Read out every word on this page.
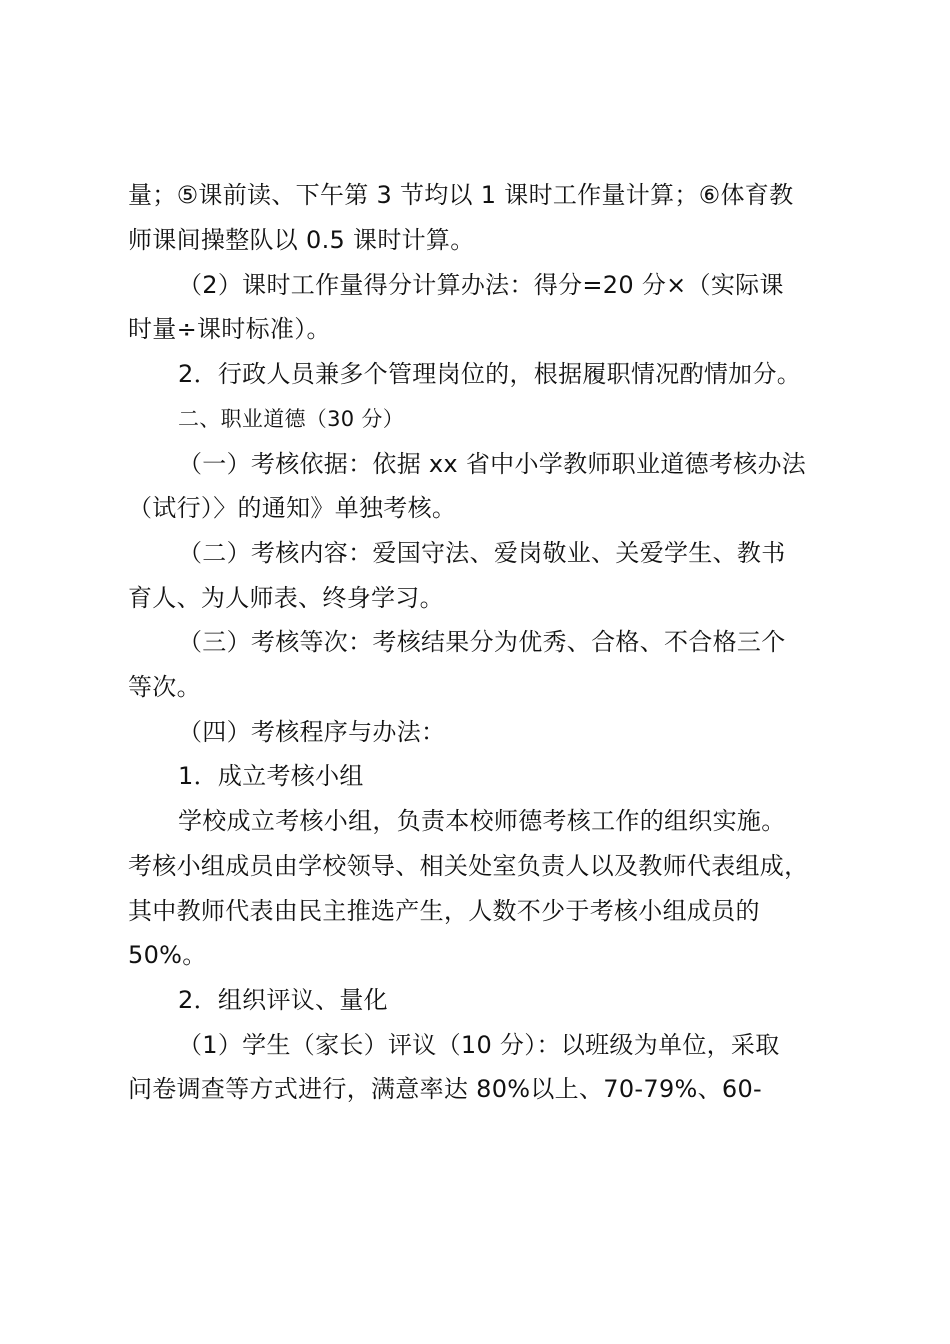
量；⑤课前读、下午第 3 节均以 1 课时工作量计算；⑥体育教
师课间操整队以 0.5 课时计算。
（2）课时工作量得分计算办法：得分=20 分×（实际课
时量÷课时标准）。
2．行政人员兼多个管理岗位的，根据履职情况酌情加分。
二、职业道德（30 分）
（一）考核依据：依据 xx 省中小学教师职业道德考核办法
（试行）〉的通知》单独考核。
（二）考核内容：爱国守法、爱岗敬业、关爱学生、教书
育人、为人师表、终身学习。
（三）考核等次：考核结果分为优秀、合格、不合格三个
等次。
（四）考核程序与办法：
1．成立考核小组
学校成立考核小组，负责本校师德考核工作的组织实施。
考核小组成员由学校领导、相关处室负责人以及教师代表组成，
其中教师代表由民主推选产生，人数不少于考核小组成员的
50%。
2．组织评议、量化
（1）学生（家长）评议（10 分）：以班级为单位，采取
问卷调查等方式进行，满意率达 80%以上、70-79%、60-
